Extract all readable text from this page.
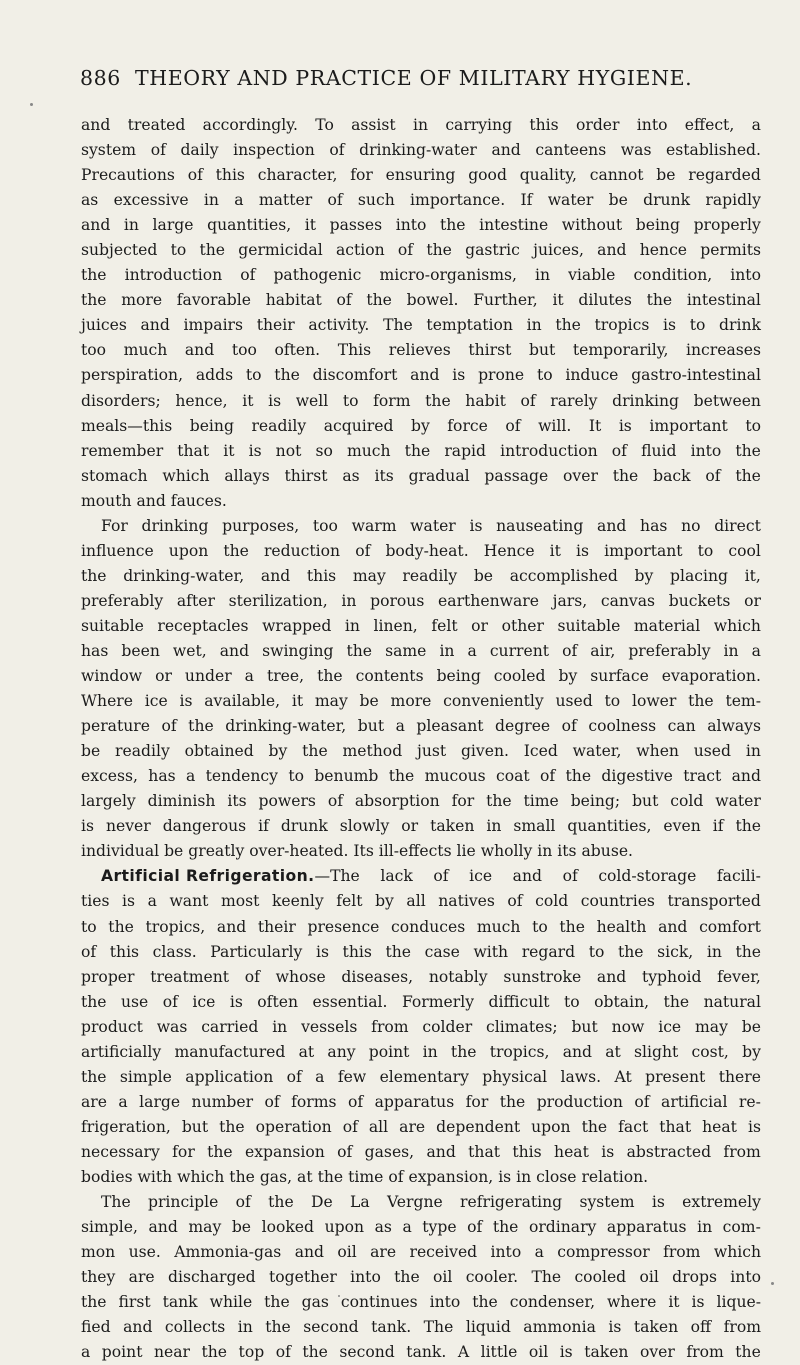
886 THEORY AND PRACTICE OF MILITARY HYGIENE.
and treated accordingly. To assist in carrying this order into effect, a
system of daily inspection of drinking-water and canteens was established.
Precautions of this character, for ensuring good quality, cannot be regarded
as excessive in a matter of such importance. If water be drunk rapidly
and in large quantities, it passes into the intestine without being properly
subjected to the germicidal action of the gastric juices, and hence permits
the introduction of pathogenic micro-organisms, in viable condition, into
the more favorable habitat of the bowel. Further, it dilutes the intestinal
juices and impairs their activity. The temptation in the tropics is to drink
too much and too often. This relieves thirst but temporarily, increases
perspiration, adds to the discomfort and is prone to induce gastro-intestinal
disorders; hence, it is well to form the habit of rarely drinking between
meals—this being readily acquired by force of will. It is important to
remember that it is not so much the rapid introduction of fluid into the
stomach which allays thirst as its gradual passage over the back of the
mouth
and
fauces.
For drinking purposes, too warm water is nauseating and has no direct
influence upon the reduction of body-heat. Hence it is important to cool
the drinking-water, and this may readily be accomplished by placing it,
preferably after sterilization, in porous earthenware jars, canvas buckets or
suitable receptacles wrapped in linen, felt or other suitable material which
has been wet, and swinging the same in a current of air, preferably in a
window or under a tree, the contents being cooled by surface evaporation.
Where ice is available, it may be more conveniently used to lower the tem-
perature of the drinking-water, but a pleasant degree of coolness can always
be readily obtained by the method just given. Iced water, when used in
excess, has a tendency to benumb the mucous coat of the digestive tract and
largely diminish its powers of absorption for the time being; but cold water
is never dangerous if drunk slowly or taken in small quantities, even if the
individual
be
greatly
over-heated.
Its
ill-effects
lie
wholly
in
its
abuse.
Artificial Refrigeration.—The lack of ice and of cold-storage facili-
ties is a want most keenly felt by all natives of cold countries transported
to the tropics, and their presence conduces much to the health and comfort
of this class. Particularly is this the case with regard to the sick, in the
proper treatment of whose diseases, notably sunstroke and typhoid fever,
the use of ice is often essential. Formerly difficult to obtain, the natural
product was carried in vessels from colder climates; but now ice may be
artificially manufactured at any point in the tropics, and at slight cost, by
the simple application of a few elementary physical laws. At present there
are a large number of forms of apparatus for the production of artificial re-
frigeration, but the operation of all are dependent upon the fact that heat is
necessary for the expansion of gases, and that this heat is abstracted from
bodies
with
which
the
gas,
at
the
time
of
expansion,
is
in
close
relation.
The principle of the De La Vergne refrigerating system is extremely
simple, and may be looked upon as a type of the ordinary apparatus in com-
mon use. Ammonia-gas and oil are received into a compressor from which
they are discharged together into the oil cooler. The cooled oil drops into
the first tank while the gas continues into the condenser, where it is lique-
fied and collects in the second tank. The liquid ammonia is taken off from
a point near the top of the second tank. A little oil is taken over from the
